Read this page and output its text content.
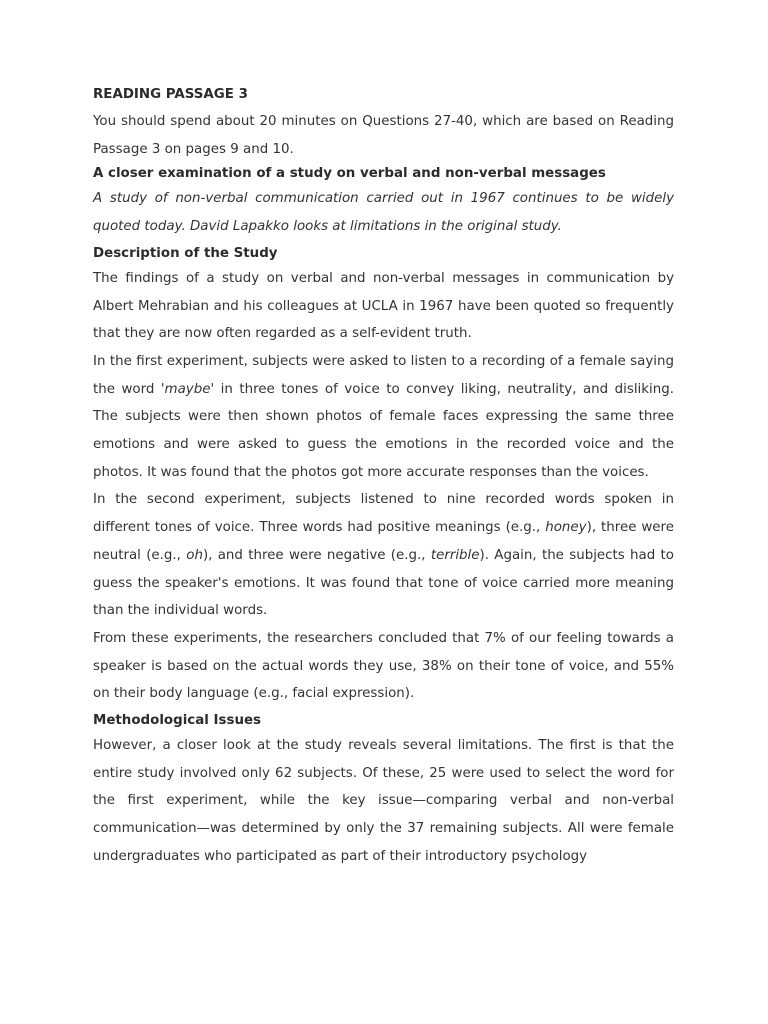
READING PASSAGE 3

You should spend about 20 minutes on Questions 27-40, which are based on Reading Passage 3 on pages 9 and 10.

A closer examination of a study on verbal and non-verbal messages

A study of non-verbal communication carried out in 1967 continues to be widely quoted today. David Lapakko looks at limitations in the original study.

Description of the Study

The findings of a study on verbal and non-verbal messages in communication by Albert Mehrabian and his colleagues at UCLA in 1967 have been quoted so frequently that they are now often regarded as a self-evident truth.

In the first experiment, subjects were asked to listen to a recording of a female saying the word 'maybe' in three tones of voice to convey liking, neutrality, and disliking. The subjects were then shown photos of female faces expressing the same three emotions and were asked to guess the emotions in the recorded voice and the photos. It was found that the photos got more accurate responses than the voices.

In the second experiment, subjects listened to nine recorded words spoken in different tones of voice. Three words had positive meanings (e.g., honey), three were neutral (e.g., oh), and three were negative (e.g., terrible). Again, the subjects had to guess the speaker's emotions. It was found that tone of voice carried more meaning than the individual words.

From these experiments, the researchers concluded that 7% of our feeling towards a speaker is based on the actual words they use, 38% on their tone of voice, and 55% on their body language (e.g., facial expression).

Methodological Issues

However, a closer look at the study reveals several limitations. The first is that the entire study involved only 62 subjects. Of these, 25 were used to select the word for the first experiment, while the key issue—comparing verbal and non-verbal communication—was determined by only the 37 remaining subjects. All were female undergraduates who participated as part of their introductory psychology
